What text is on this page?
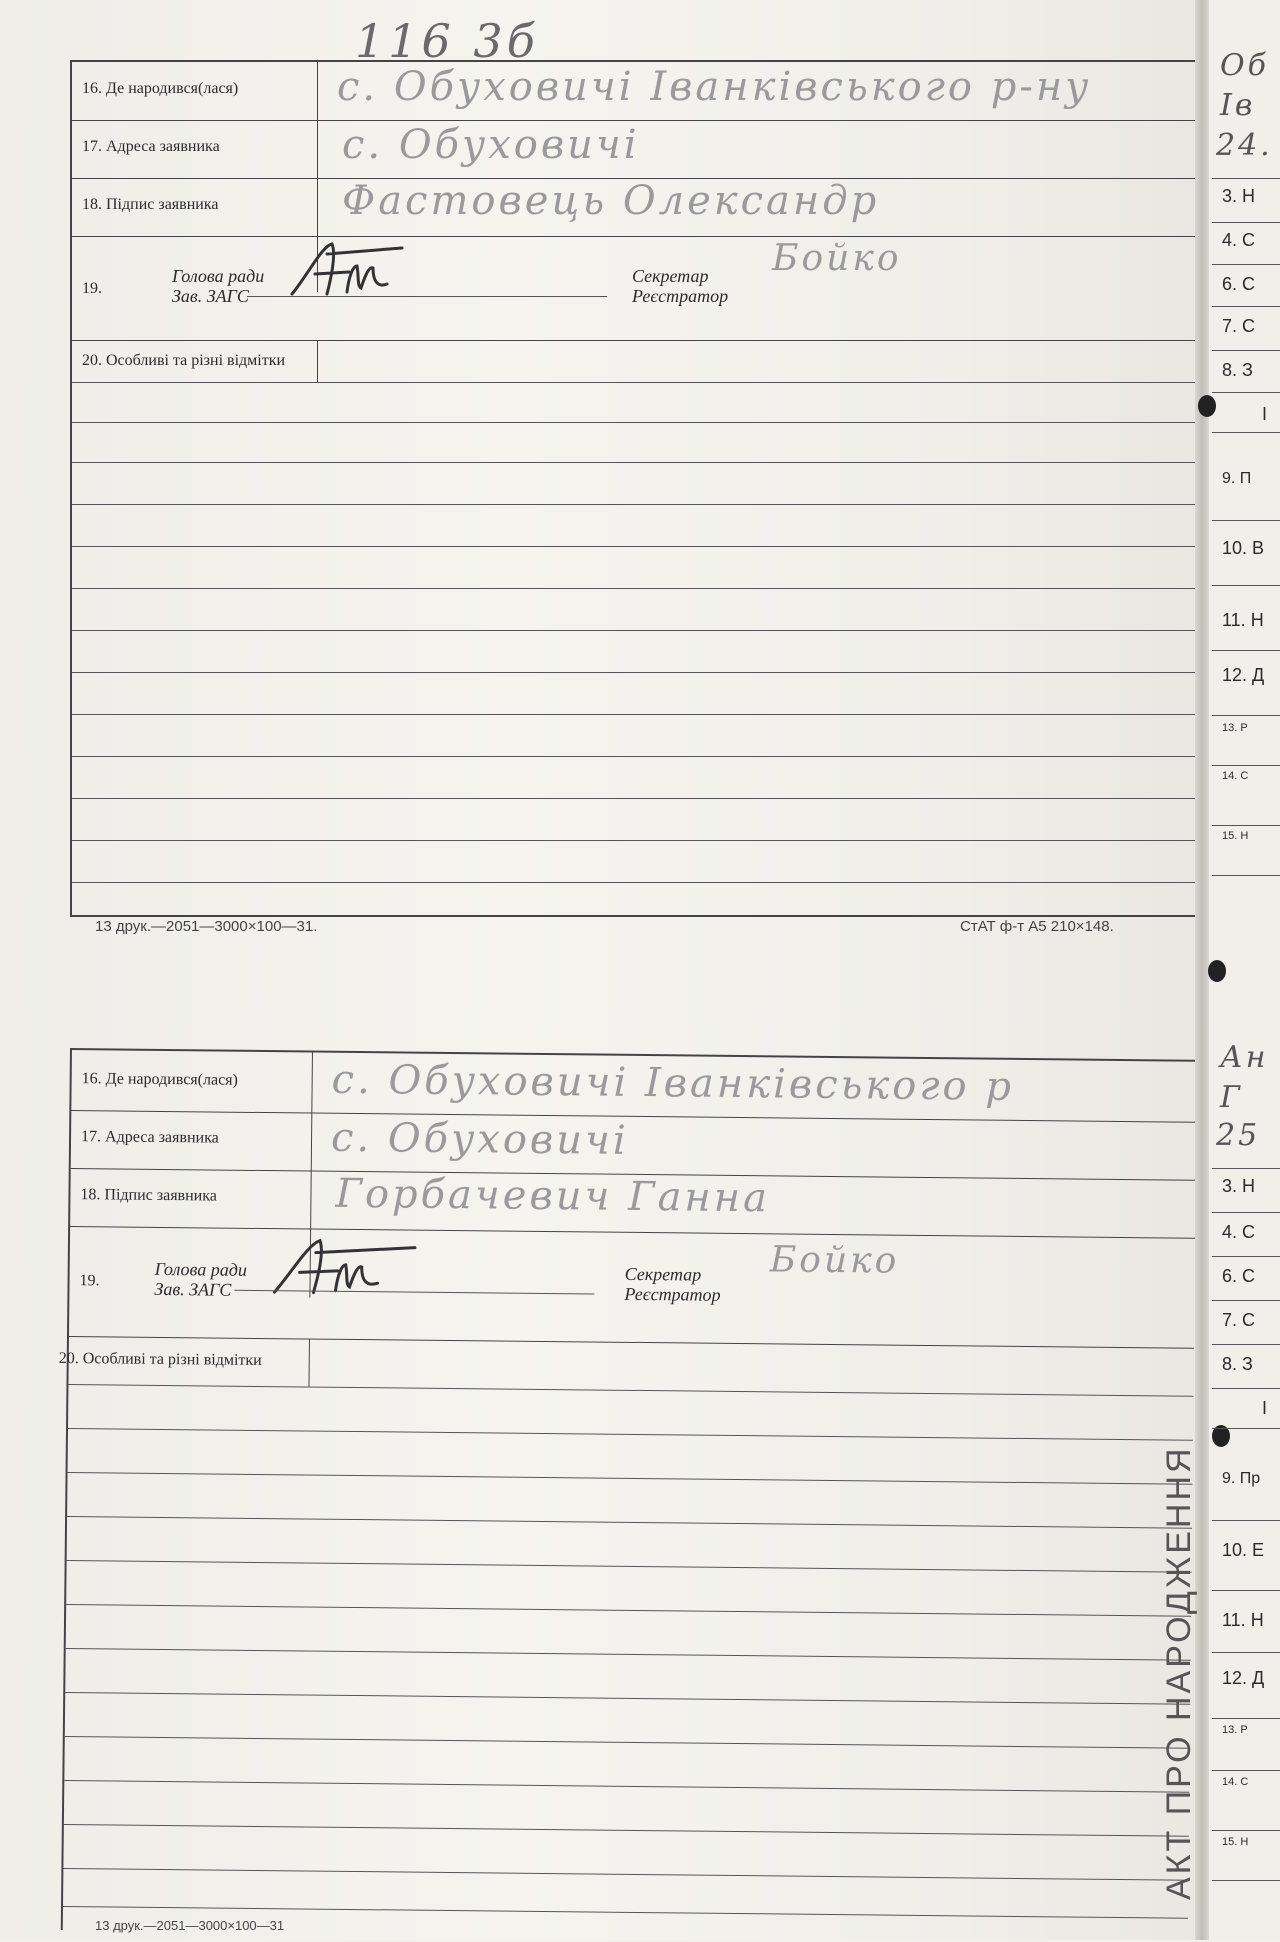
116 3б
16. Де народився(лася) с. Обуховичі Іванківського р-ну
17. Адреса заявника	с. Обуховичі
18. Підпис заявника	Фастовець Олександр
19.
Голова ради
Зав. ЗАГС
Секретар
Реєстратор
Бойко
20. Особливі та різні відмітки
13 друк.—2051—3000×100—31.	СтАТ ф-т А5 210×148.
16. Де народився(лася) с. Обуховичі Іванківського р
17. Адреса заявника	с. Обуховичі
18. Підпис заявника	Горбачевич Ганна
19.
Голова ради
Зав. ЗАГС
Секретар
Реєстратор
Бойко
20. Особливі та різні відмітки
13 друк.—2051—3000×100—31
АКТ ПРО НАРОДЖЕННЯ
Об
Ів
24.
3. Н
4. С
6. С
7. С
8. З
І
9. П
10. В
11. Н
12. Д
13. Р
14. С
15. Н
Ан
Г
25
3. Н
4. С
6. С
7. С
8. З
І
9. Пр
10. Е
11. Н
12. Д
13. Р
14. С
15. Н
